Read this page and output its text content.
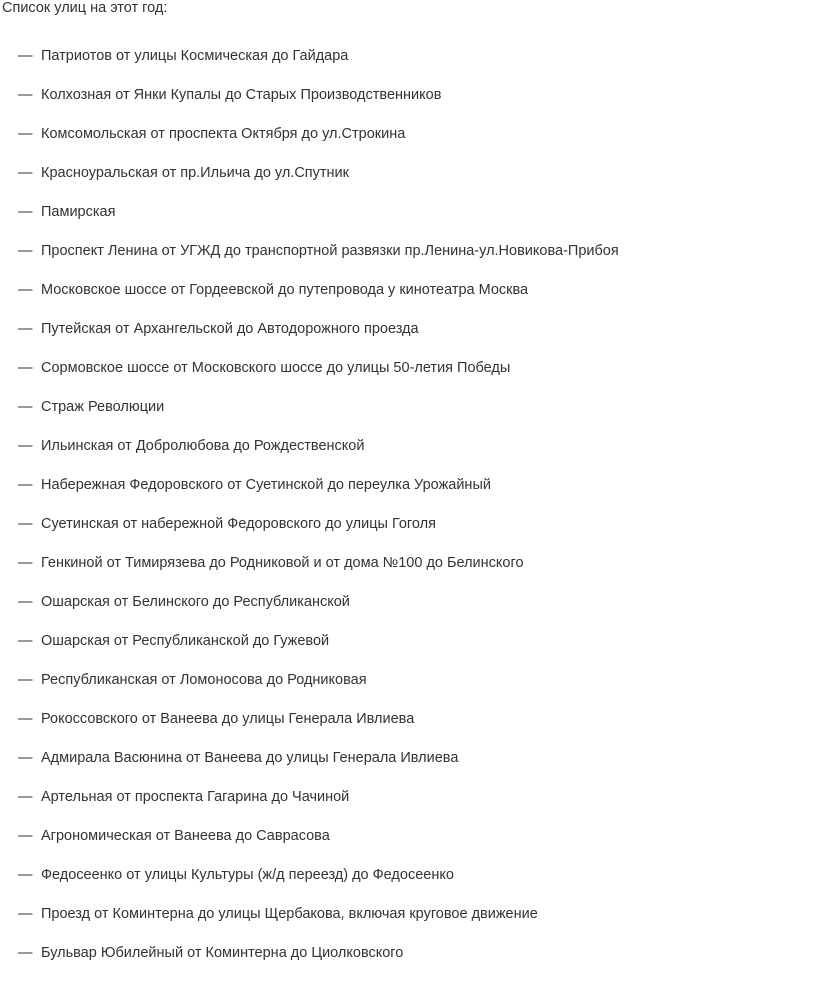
Список улиц на этот год:

— Патриотов от улицы Космическая до Гайдара
— Колхозная от Янки Купалы до Старых Производственников
— Комсомольская от проспекта Октября до ул.Строкина
— Красноуральская от пр.Ильича до ул.Спутник
— Памирская
— Проспект Ленина от УГЖД до транспортной развязки пр.Ленина-ул.Новикова-Прибоя
— Московское шоссе от Гордеевской до путепровода у кинотеатра Москва
— Путейская от Архангельской до Автодорожного проезда
— Сормовское шоссе от Московского шоссе до улицы 50-летия Победы
— Страж Революции
— Ильинская от Добролюбова до Рождественской
— Набережная Федоровского от Суетинской до переулка Урожайный
— Суетинская от набережной Федоровского до улицы Гоголя
— Генкиной от Тимирязева до Родниковой и от дома №100 до Белинского
— Ошарская от Белинского до Республиканской
— Ошарская от Республиканской до Гужевой
— Республиканская от Ломоносова до Родниковая
— Рокоссовского от Ванеева до улицы Генерала Ивлиева
— Адмирала Васюнина от Ванеева до улицы Генерала Ивлиева
— Артельная от проспекта Гагарина до Чачиной
— Агрономическая от Ванеева до Саврасова
— Федосеенко от улицы Культуры (ж/д переезд) до Федосеенко
— Проезд от Коминтерна до улицы Щербакова, включая круговое движение
— Бульвар Юбилейный от Коминтерна до Циолковского
